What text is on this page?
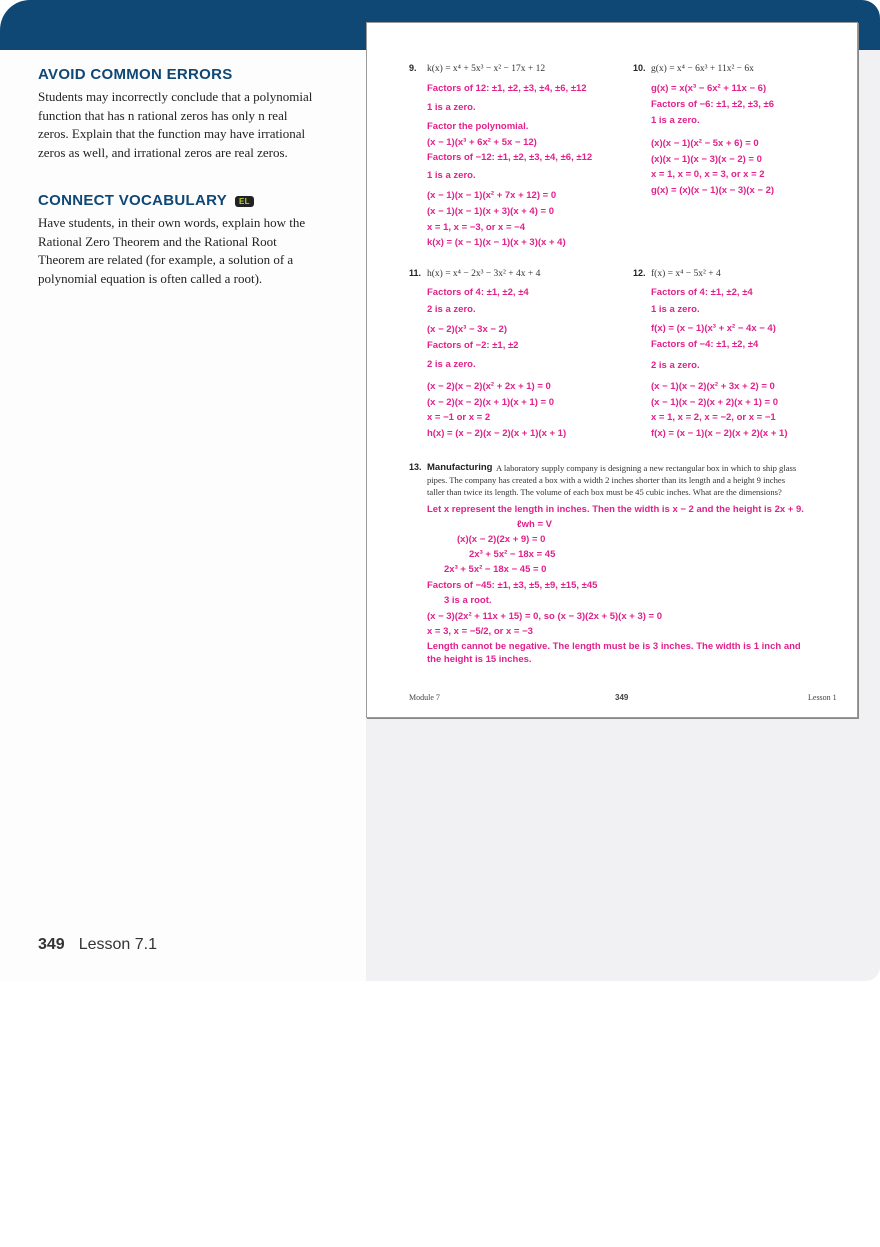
AVOID COMMON ERRORS
Students may incorrectly conclude that a polynomial
function that has n rational zeros has only n real
zeros. Explain that the function may have irrational
zeros as well, and irrational zeros are real zeros.
CONNECT VOCABULARY EL
Have students, in their own words, explain how the
Rational Zero Theorem and the Rational Root
Theorem are related (for example, a solution of a
polynomial equation is often called a root).
9. k(x) = x⁴ + 5x³ − x² − 17x + 12
Factors of 12: ±1, ±2, ±3, ±4, ±6, ±12
1 is a zero.
Factor the polynomial.
(x − 1)(x³ + 6x² + 5x − 12)
Factors of −12: ±1, ±2, ±3, ±4, ±6, ±12
1 is a zero.
(x − 1)(x − 1)(x² + 7x + 12) = 0
(x − 1)(x − 1)(x + 3)(x + 4) = 0
x = 1, x = −3, or x = −4
k(x) = (x − 1)(x − 1)(x + 3)(x + 4)
10. g(x) = x⁴ − 6x³ + 11x² − 6x
g(x) = x(x³ − 6x² + 11x − 6)
Factors of −6: ±1, ±2, ±3, ±6
1 is a zero.
(x)(x − 1)(x² − 5x + 6) = 0
(x)(x − 1)(x − 3)(x − 2) = 0
x = 1, x = 0, x = 3, or x = 2
g(x) = (x)(x − 1)(x − 3)(x − 2)
11. h(x) = x⁴ − 2x³ − 3x² + 4x + 4
Factors of 4: ±1, ±2, ±4
2 is a zero.
(x − 2)(x³ − 3x − 2)
Factors of −2: ±1, ±2
2 is a zero.
(x − 2)(x − 2)(x² + 2x + 1) = 0
(x − 2)(x − 2)(x + 1)(x + 1) = 0
x = −1 or x = 2
h(x) = (x − 2)(x − 2)(x + 1)(x + 1)
12. f(x) = x⁴ − 5x² + 4
Factors of 4: ±1, ±2, ±4
1 is a zero.
f(x) = (x − 1)(x³ + x² − 4x − 4)
Factors of −4: ±1, ±2, ±4
2 is a zero.
(x − 1)(x − 2)(x² + 3x + 2) = 0
(x − 1)(x − 2)(x + 2)(x + 1) = 0
x = 1, x = 2, x = −2, or x = −1
f(x) = (x − 1)(x − 2)(x + 2)(x + 1)
13. Manufacturing A laboratory supply company is designing a new rectangular box in which to ship glass
pipes. The company has created a box with a width 2 inches shorter than its length and a height 9 inches
taller than twice its length. The volume of each box must be 45 cubic inches. What are the dimensions?
Let x represent the length in inches. Then the width is x − 2 and the height is 2x + 9.
ℓwh = V
(x)(x − 2)(2x + 9) = 0
2x³ + 5x² − 18x = 45
2x³ + 5x² − 18x − 45 = 0
Factors of −45: ±1, ±3, ±5, ±9, ±15, ±45
3 is a root.
(x − 3)(2x² + 11x + 15) = 0, so (x − 3)(2x + 5)(x + 3) = 0
x = 3, x = −5/2, or x = −3
Length cannot be negative. The length must be is 3 inches. The width is 1 inch and
the height is 15 inches.
Module 7	349	Lesson 1
349 Lesson 7.1
